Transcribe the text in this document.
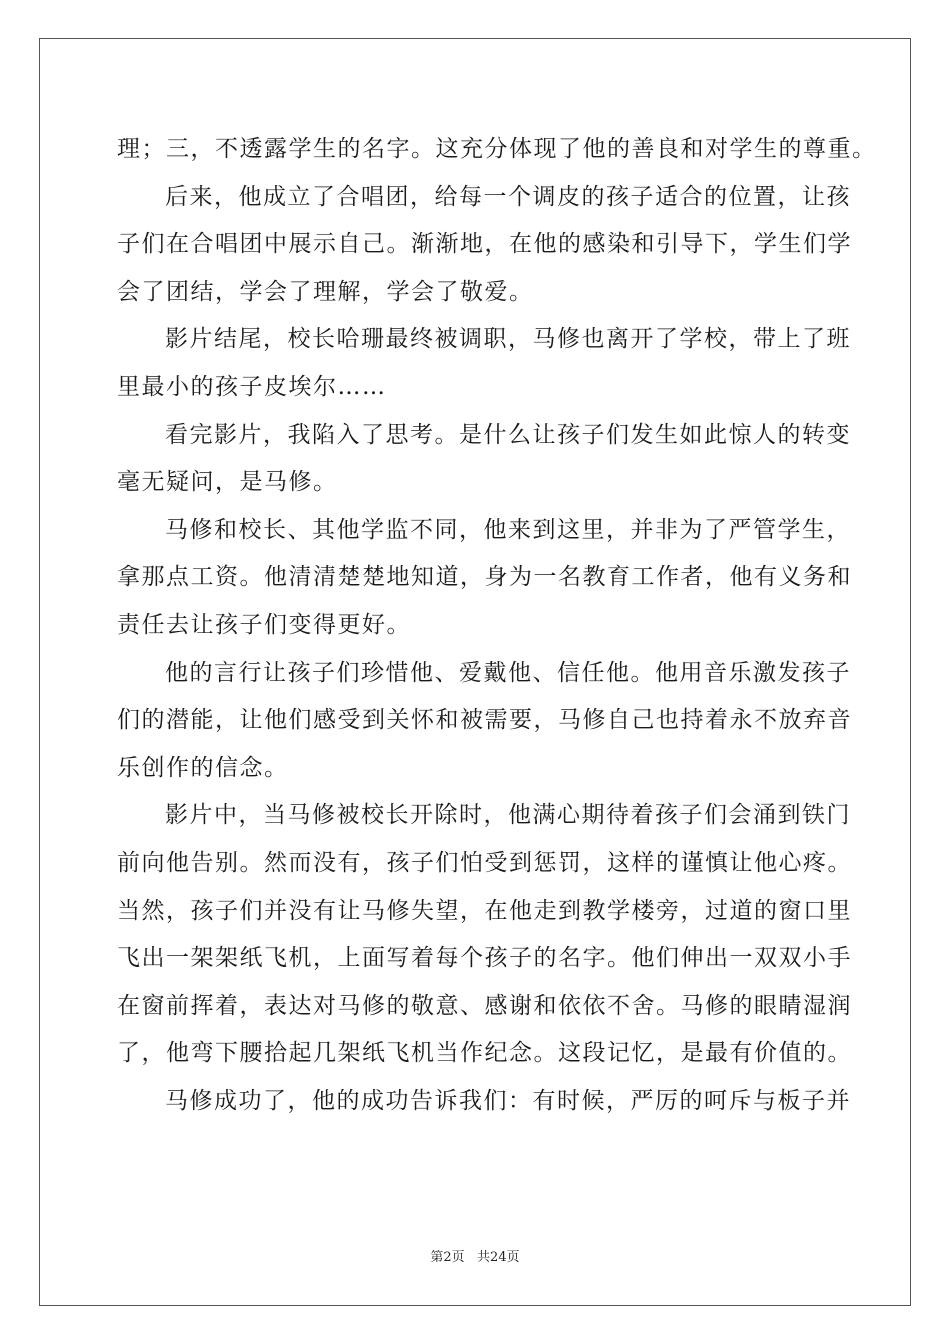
理；三，不透露学生的名字。这充分体现了他的善良和对学生的尊重。
后来，他成立了合唱团，给每一个调皮的孩子适合的位置，让孩
子们在合唱团中展示自己。渐渐地，在他的感染和引导下，学生们学
会了团结，学会了理解，学会了敬爱。
影片结尾，校长哈珊最终被调职，马修也离开了学校，带上了班
里最小的孩子皮埃尔……
看完影片，我陷入了思考。是什么让孩子们发生如此惊人的转变
毫无疑问，是马修。
马修和校长、其他学监不同，他来到这里，并非为了严管学生，
拿那点工资。他清清楚楚地知道，身为一名教育工作者，他有义务和
责任去让孩子们变得更好。
他的言行让孩子们珍惜他、爱戴他、信任他。他用音乐激发孩子
们的潜能，让他们感受到关怀和被需要，马修自己也持着永不放弃音
乐创作的信念。
影片中，当马修被校长开除时，他满心期待着孩子们会涌到铁门
前向他告别。然而没有，孩子们怕受到惩罚，这样的谨慎让他心疼。
当然，孩子们并没有让马修失望，在他走到教学楼旁，过道的窗口里
飞出一架架纸飞机，上面写着每个孩子的名字。他们伸出一双双小手
在窗前挥着，表达对马修的敬意、感谢和依依不舍。马修的眼睛湿润
了，他弯下腰拾起几架纸飞机当作纪念。这段记忆，是最有价值的。
马修成功了，他的成功告诉我们：有时候，严厉的呵斥与板子并
第2页   共24页
